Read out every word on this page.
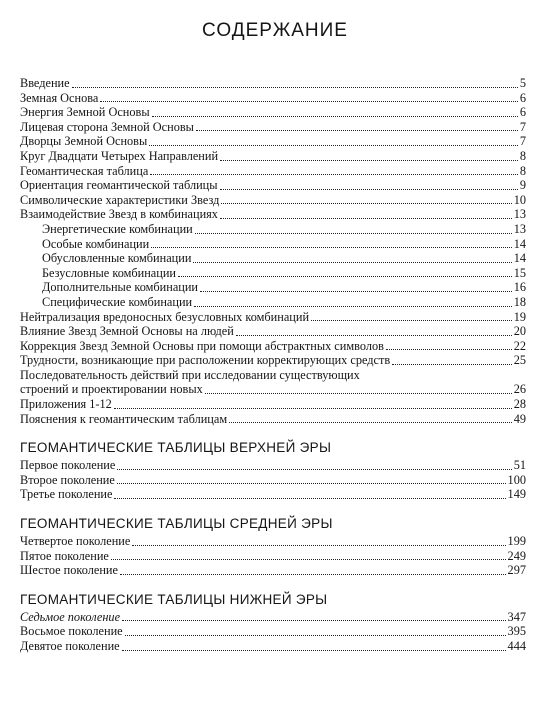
СОДЕРЖАНИЕ
Введение	5
Земная Основа	6
Энергия Земной Основы	6
Лицевая сторона Земной Основы	7
Дворцы Земной Основы	7
Круг Двадцати Четырех Направлений	8
Геомантическая таблица	8
Ориентация геомантической таблицы	9
Символические характеристики Звезд	10
Взаимодействие Звезд в комбинациях	13
Энергетические комбинации	13
Особые комбинации	14
Обусловленные комбинации	14
Безусловные комбинации	15
Дополнительные комбинации	16
Специфические комбинации	18
Нейтрализация вредоносных безусловных комбинаций	19
Влияние Звезд Земной Основы на людей	20
Коррекция Звезд Земной Основы при помощи абстрактных символов	22
Трудности, возникающие при расположении корректирующих средств	25
Последовательность действий при исследовании существующих
строений и проектировании новых	26
Приложения 1-12	28
Пояснения к геомантическим таблицам	49
ГЕОМАНТИЧЕСКИЕ ТАБЛИЦЫ ВЕРХНЕЙ ЭРЫ
Первое поколение	51
Второе поколение	100
Третье поколение	149
ГЕОМАНТИЧЕСКИЕ ТАБЛИЦЫ СРЕДНЕЙ ЭРЫ
Четвертое поколение	199
Пятое поколение	249
Шестое поколение	297
ГЕОМАНТИЧЕСКИЕ ТАБЛИЦЫ НИЖНЕЙ ЭРЫ
Седьмое поколение	347
Восьмое поколение	395
Девятое поколение	444
